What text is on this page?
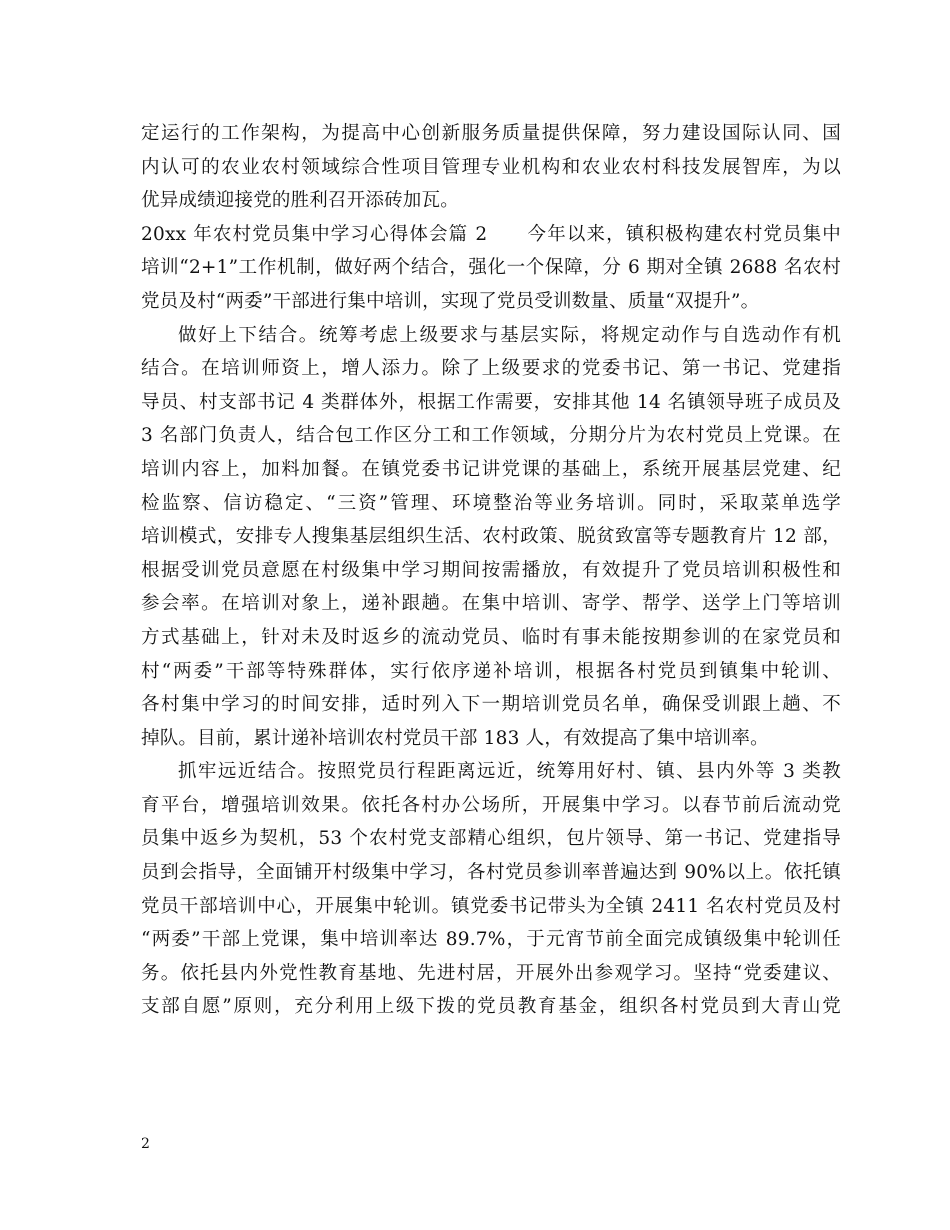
定运行的工作架构，为提高中心创新服务质量提供保障，努力建设国际认同、国
内认可的农业农村领域综合性项目管理专业机构和农业农村科技发展智库，为以
优异成绩迎接党的胜利召开添砖加瓦。
20xx 年农村党员集中学习心得体会篇 2　　今年以来，镇积极构建农村党员集中
培训“2+1”工作机制，做好两个结合，强化一个保障，分 6 期对全镇 2688 名农村
党员及村“两委”干部进行集中培训，实现了党员受训数量、质量“双提升”。
做好上下结合。统筹考虑上级要求与基层实际，将规定动作与自选动作有机
结合。在培训师资上，增人添力。除了上级要求的党委书记、第一书记、党建指
导员、村支部书记 4 类群体外，根据工作需要，安排其他 14 名镇领导班子成员及
3 名部门负责人，结合包工作区分工和工作领域，分期分片为农村党员上党课。在
培训内容上，加料加餐。在镇党委书记讲党课的基础上，系统开展基层党建、纪
检监察、信访稳定、“三资”管理、环境整治等业务培训。同时，采取菜单选学
培训模式，安排专人搜集基层组织生活、农村政策、脱贫致富等专题教育片 12 部，
根据受训党员意愿在村级集中学习期间按需播放，有效提升了党员培训积极性和
参会率。在培训对象上，递补跟趟。在集中培训、寄学、帮学、送学上门等培训
方式基础上，针对未及时返乡的流动党员、临时有事未能按期参训的在家党员和
村“两委”干部等特殊群体，实行依序递补培训，根据各村党员到镇集中轮训、
各村集中学习的时间安排，适时列入下一期培训党员名单，确保受训跟上趟、不
掉队。目前，累计递补培训农村党员干部 183 人，有效提高了集中培训率。
抓牢远近结合。按照党员行程距离远近，统筹用好村、镇、县内外等 3 类教
育平台，增强培训效果。依托各村办公场所，开展集中学习。以春节前后流动党
员集中返乡为契机，53 个农村党支部精心组织，包片领导、第一书记、党建指导
员到会指导，全面铺开村级集中学习，各村党员参训率普遍达到 90%以上。依托镇
党员干部培训中心，开展集中轮训。镇党委书记带头为全镇 2411 名农村党员及村
“两委”干部上党课，集中培训率达 89.7%，于元宵节前全面完成镇级集中轮训任
务。依托县内外党性教育基地、先进村居，开展外出参观学习。坚持“党委建议、
支部自愿”原则，充分利用上级下拨的党员教育基金，组织各村党员到大青山党
2
